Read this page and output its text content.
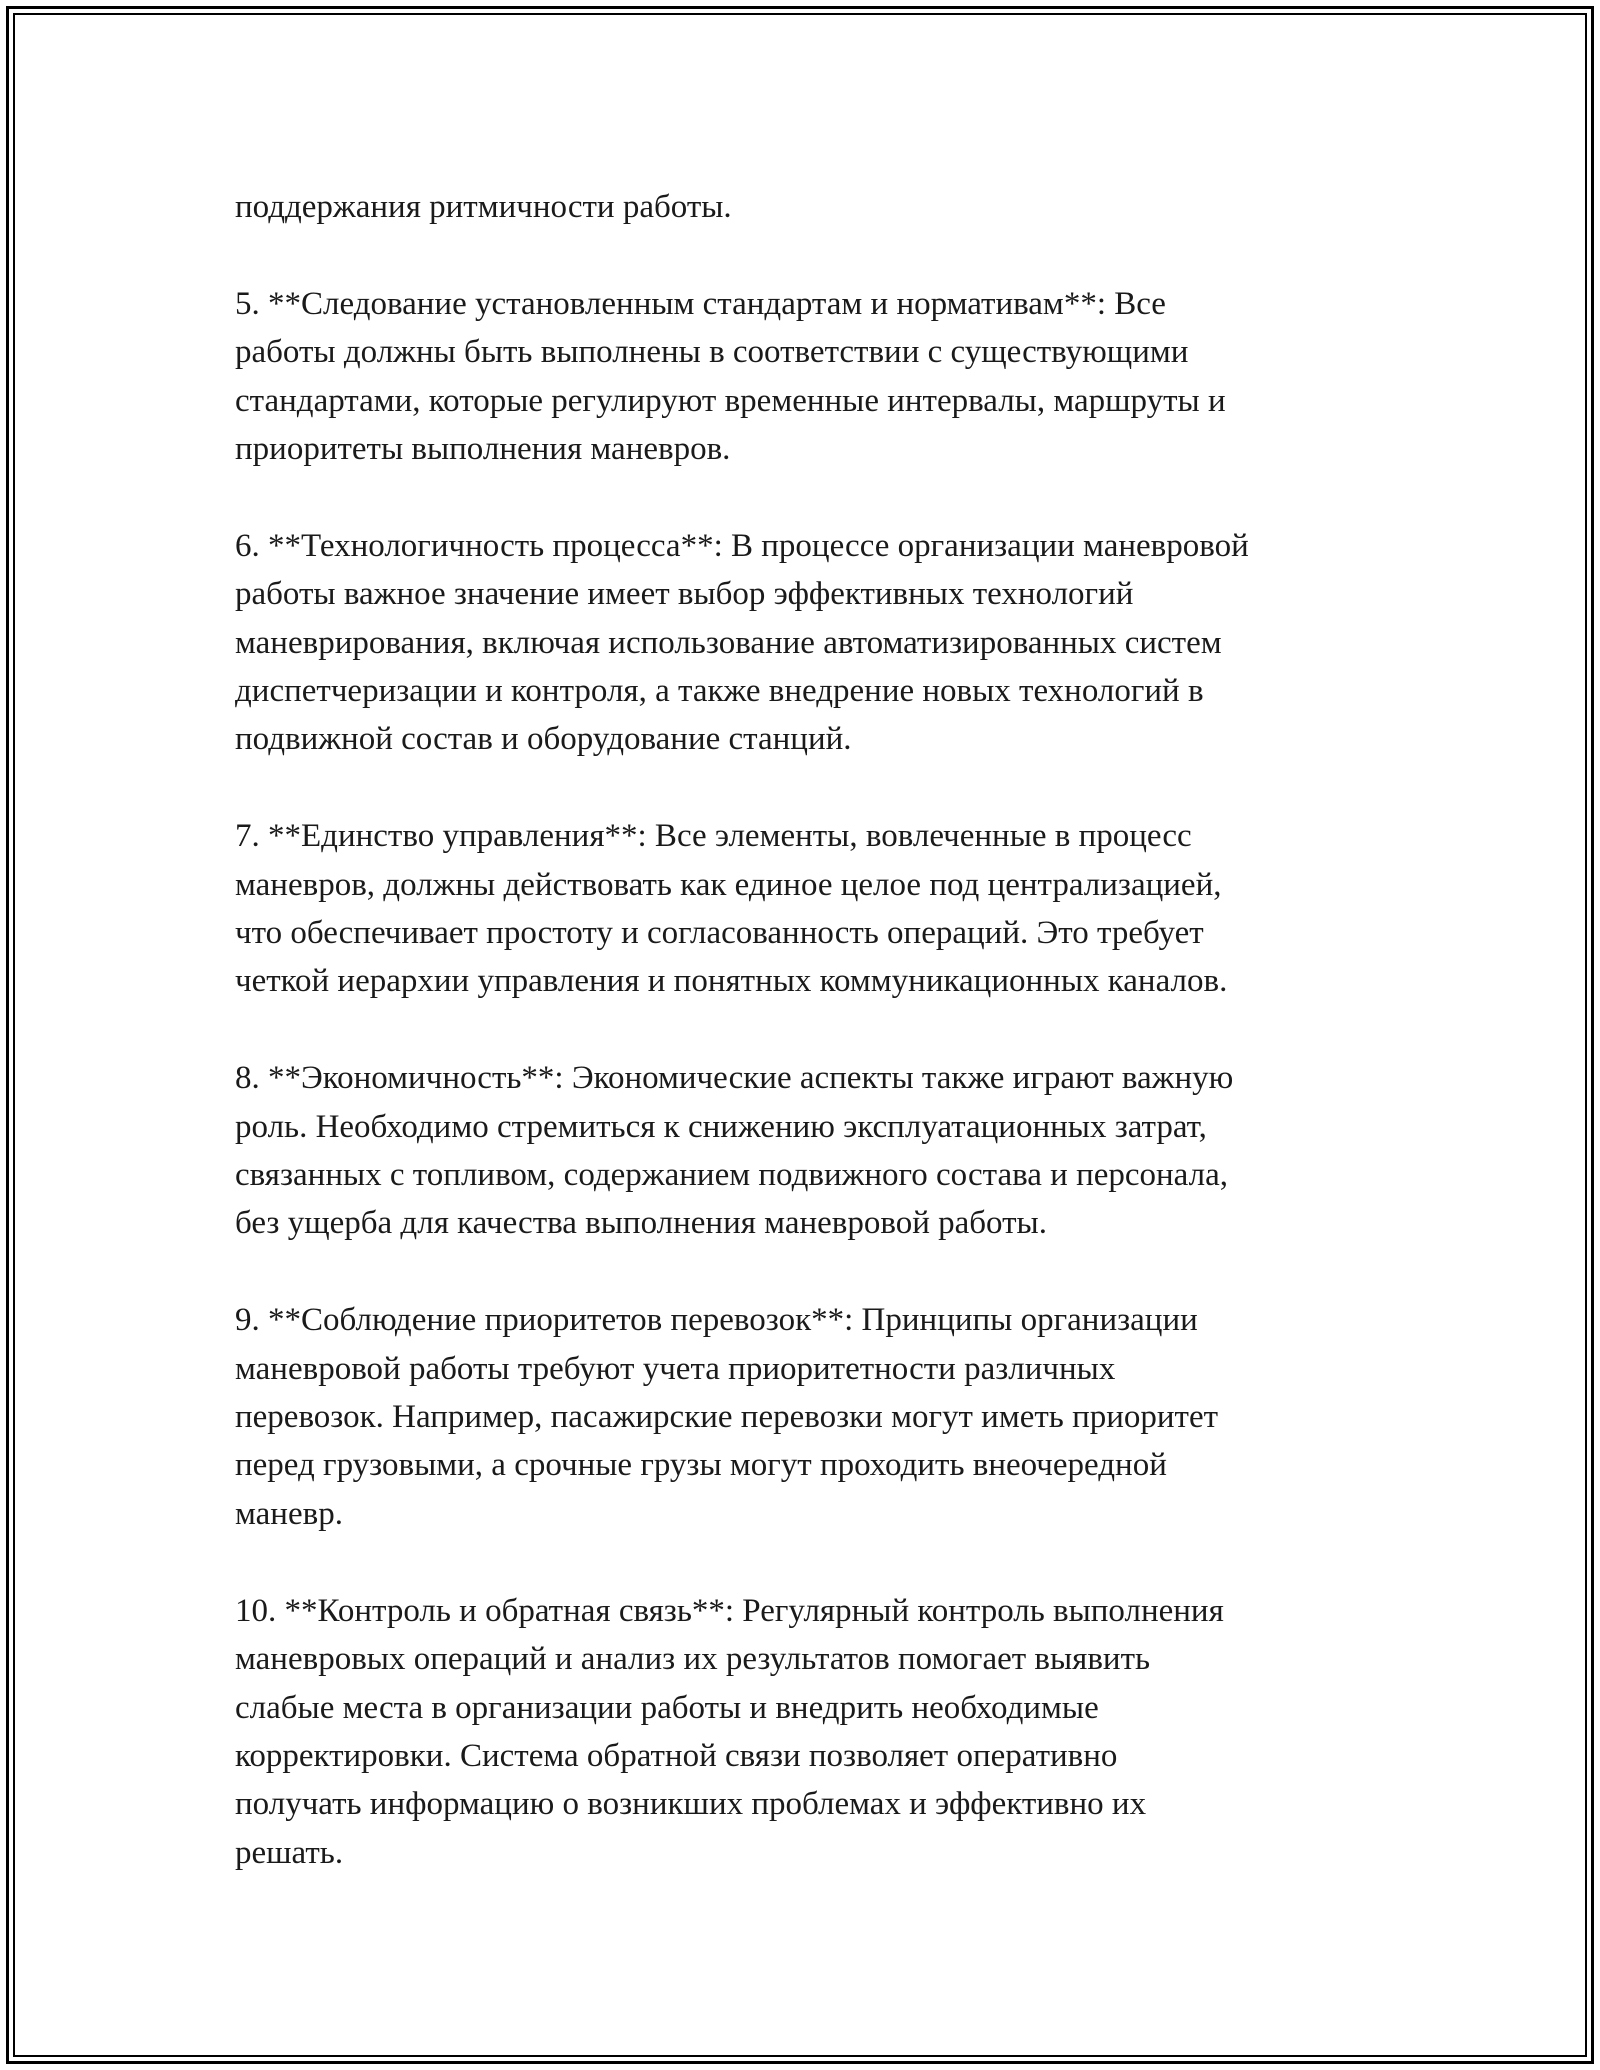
поддержания ритмичности работы.

5. **Следование установленным стандартам и нормативам**: Все
работы должны быть выполнены в соответствии с существующими
стандартами, которые регулируют временные интервалы, маршруты и
приоритеты выполнения маневров.

6. **Технологичность процесса**: В процессе организации маневровой
работы важное значение имеет выбор эффективных технологий
маневрирования, включая использование автоматизированных систем
диспетчеризации и контроля, а также внедрение новых технологий в
подвижной состав и оборудование станций.

7. **Единство управления**: Все элементы, вовлеченные в процесс
маневров, должны действовать как единое целое под централизацией,
что обеспечивает простоту и согласованность операций. Это требует
четкой иерархии управления и понятных коммуникационных каналов.

8. **Экономичность**: Экономические аспекты также играют важную
роль. Необходимо стремиться к снижению эксплуатационных затрат,
связанных с топливом, содержанием подвижного состава и персонала,
без ущерба для качества выполнения маневровой работы.

9. **Соблюдение приоритетов перевозок**: Принципы организации
маневровой работы требуют учета приоритетности различных
перевозок. Например, пасажирские перевозки могут иметь приоритет
перед грузовыми, а срочные грузы могут проходить внеочередной
маневр.

10. **Контроль и обратная связь**: Регулярный контроль выполнения
маневровых операций и анализ их результатов помогает выявить
слабые места в организации работы и внедрить необходимые
корректировки. Система обратной связи позволяет оперативно
получать информацию о возникших проблемах и эффективно их
решать.
